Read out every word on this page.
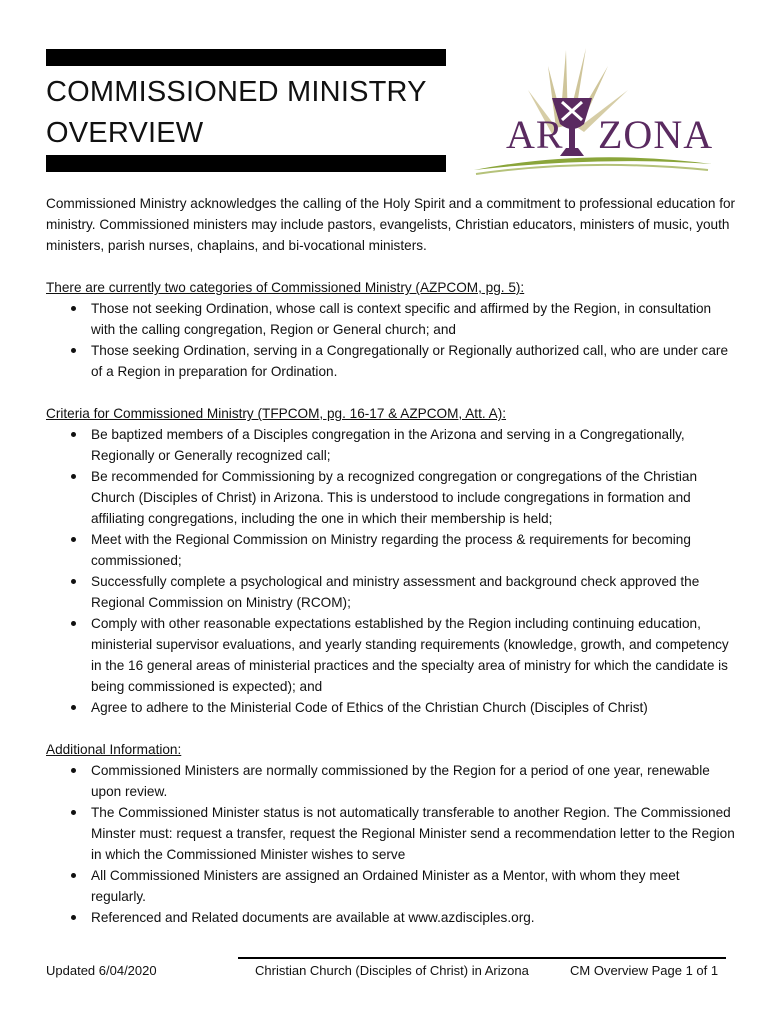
COMMISSIONED MINISTRY
OVERVIEW	AR ZONA

Commissioned Ministry acknowledges the calling of the Holy Spirit and a commitment to professional education for ministry. Commissioned ministers may include pastors, evangelists, Christian educators, ministers of music, youth ministers, parish nurses, chaplains, and bi-vocational ministers.

There are currently two categories of Commissioned Ministry (AZPCOM, pg. 5):
Those not seeking Ordination, whose call is context specific and affirmed by the Region, in consultation with the calling congregation, Region or General church; and
Those seeking Ordination, serving in a Congregationally or Regionally authorized call, who are under care of a Region in preparation for Ordination.
Criteria for Commissioned Ministry (TFPCOM, pg. 16-17 & AZPCOM, Att. A):
Be baptized members of a Disciples congregation in the Arizona and serving in a Congregationally, Regionally or Generally recognized call;
Be recommended for Commissioning by a recognized congregation or congregations of the Christian Church (Disciples of Christ) in Arizona. This is understood to include congregations in formation and affiliating congregations, including the one in which their membership is held;
Meet with the Regional Commission on Ministry regarding the process & requirements for becoming commissioned;
Successfully complete a psychological and ministry assessment and background check approved the Regional Commission on Ministry (RCOM);
Comply with other reasonable expectations established by the Region including continuing education, ministerial supervisor evaluations, and yearly standing requirements (knowledge, growth, and competency in the 16 general areas of ministerial practices and the specialty area of ministry for which the candidate is being commissioned is expected); and
Agree to adhere to the Ministerial Code of Ethics of the Christian Church (Disciples of Christ)
Additional Information:
Commissioned Ministers are normally commissioned by the Region for a period of one year, renewable upon review.
The Commissioned Minister status is not automatically transferable to another Region. The Commissioned Minster must: request a transfer, request the Regional Minister send a recommendation letter to the Region in which the Commissioned Minister wishes to serve
All Commissioned Ministers are assigned an Ordained Minister as a Mentor, with whom they meet regularly.
Referenced and Related documents are available at www.azdisciples.org.
Updated 6/04/2020	Christian Church (Disciples of Christ) in Arizona	CM Overview Page 1 of 1
